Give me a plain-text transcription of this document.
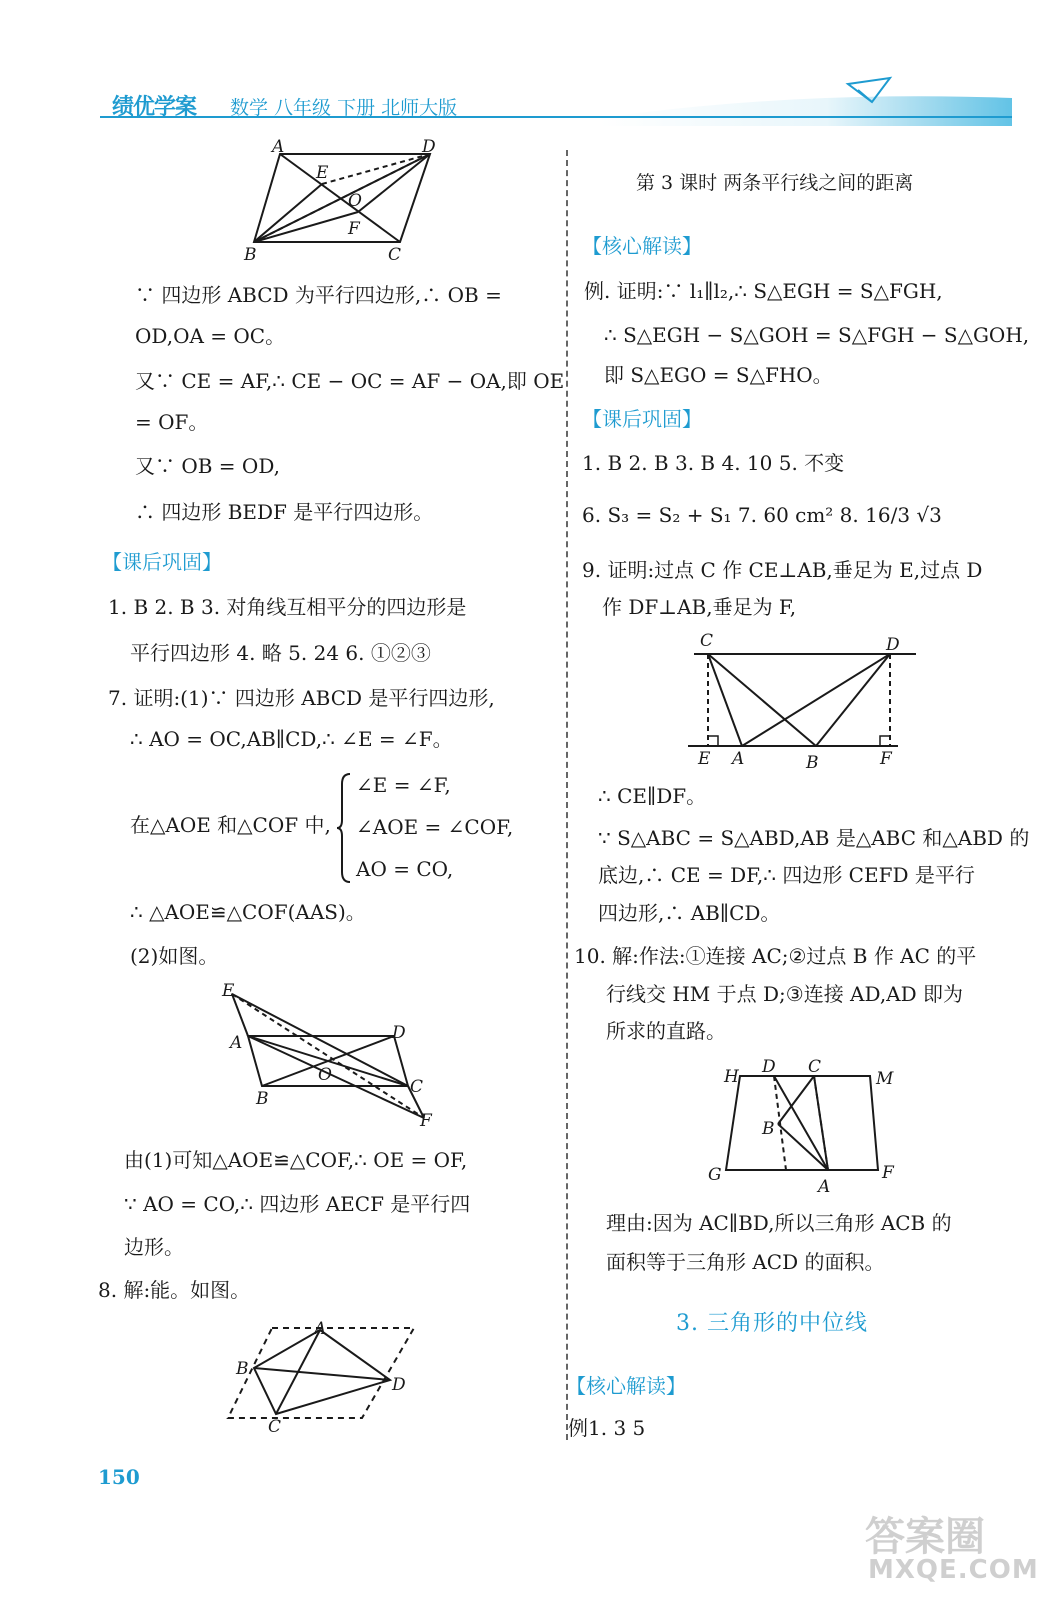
绩优学案 数学 八年级 下册 北师大版
A	D
E
O
F
B	C
∵ 四边形 ABCD 为平行四边形,∴ OB =
OD,OA = OC。
又∵ CE = AF,∴ CE − OC = AF − OA,即 OE
= OF。
又∵ OB = OD,
∴ 四边形 BEDF 是平行四边形。
【课后巩固】
1. B 2. B 3. 对角线互相平分的四边形是
平行四边形 4. 略 5. 24 6. ①②③
7. 证明:(1)∵ 四边形 ABCD 是平行四边形,
∴ AO = OC,AB∥CD,∴ ∠E = ∠F。
在△AOE 和△COF 中,
∠E = ∠F,
∠AOE = ∠COF,
AO = CO,
∴ △AOE≌△COF(AAS)。
(2)如图。
E
D
A
O
C
B
F
由(1)可知△AOE≌△COF,∴ OE = OF,
∵ AO = CO,∴ 四边形 AECF 是平行四
边形。
8. 解:能。如图。
A
B
D
C
150
第 3 课时 两条平行线之间的距离
【核心解读】
例. 证明:∵ l₁∥l₂,∴ S△EGH = S△FGH,
∴ S△EGH − S△GOH = S△FGH − S△GOH,
即 S△EGO = S△FHO。
【课后巩固】
1. B 2. B 3. B 4. 10 5. 不变
6. S₃ = S₂ + S₁ 7. 60 cm² 8. 16/3 √3
9. 证明:过点 C 作 CE⊥AB,垂足为 E,过点 D
作 DF⊥AB,垂足为 F,
C	D
E A	B	F
∴ CE∥DF。
∵ S△ABC = S△ABD,AB 是△ABC 和△ABD 的
底边,∴ CE = DF,∴ 四边形 CEFD 是平行
四边形,∴ AB∥CD。
10. 解:作法:①连接 AC;②过点 B 作 AC 的平
行线交 HM 于点 D;③连接 AD,AD 即为
所求的直路。
H D C
M
B
G	F
A
理由:因为 AC∥BD,所以三角形 ACB 的
面积等于三角形 ACD 的面积。
3. 三角形的中位线
【核心解读】
例1. 3 5
答案圈
MXQE.COM
